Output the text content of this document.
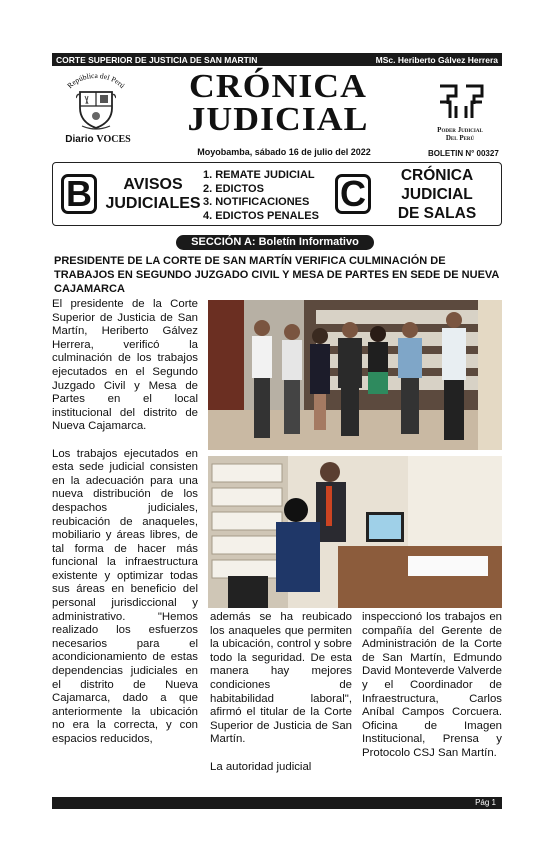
CORTE SUPERIOR DE JUSTICIA DE SAN MARTIN	MSc. Heriberto Gálvez Herrera
República del Perú
Diario VOCES
CRÓNICA
JUDICIAL
Moyobamba, sábado 16 de julio del 2022
Poder Judicial
Del Perú
BOLETIN N° 00327
B	AVISOS
JUDICIALES
1. REMATE JUDICIAL
2. EDICTOS
3. NOTIFICACIONES
4. EDICTOS PENALES
C	CRÓNICA
JUDICIAL
DE SALAS
SECCIÓN A: Boletín Informativo
PRESIDENTE DE LA CORTE DE SAN MARTÍN VERIFICA CULMINACIÓN DE TRABAJOS EN SEGUNDO JUZGADO CIVIL Y MESA DE PARTES EN SEDE DE NUEVA CAJAMARCA

El presidente de la Corte Superior de Justicia de San Martín, Heriberto Gálvez Herrera, verificó la culminación de los trabajos ejecutados en el Segundo Juzgado Civil y Mesa de Partes en el local institucional del distrito de Nueva Cajamarca.

Los trabajos ejecutados en esta sede judicial consisten en la adecuación para una nueva distribución de los despachos judiciales, reubicación de anaqueles, mobiliario y áreas libres, de tal forma de hacer más funcional la infraestructura existente y optimizar todas sus áreas en beneficio del personal jurisdiccional y administrativo. "Hemos realizado los esfuerzos necesarios para el acondicionamiento de estas dependencias judiciales en el distrito de Nueva Cajamarca, dado a que anteriormente la ubicación no era la correcta, y con espacios reducidos,

además se ha reubicado los anaqueles que permiten la ubicación, control y sobre todo la seguridad. De esta manera hay mejores condiciones de habitabilidad laboral", afirmó el titular de la Corte Superior de Justicia de San Martín.

La autoridad judicial

inspeccionó los trabajos en compañía del Gerente de Administración de la Corte de San Martín, Edmundo David Monteverde Valverde y el Coordinador de Infraestructura, Carlos Aníbal Campos Corcuera. Oficina de Imagen Institucional, Prensa y Protocolo CSJ San Martín.

Pág 1
